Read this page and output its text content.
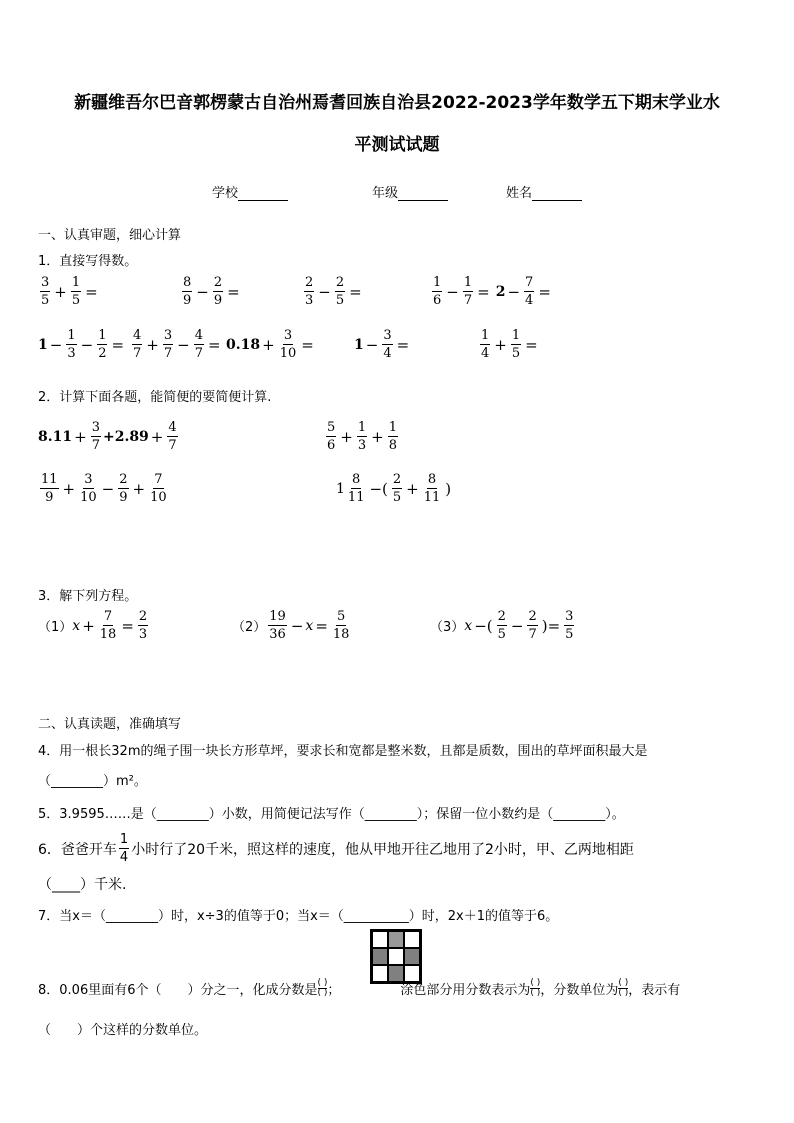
新疆维吾尔巴音郭楞蒙古自治州焉耆回族自治县2022-2023学年数学五下期末学业水
平测试试题
学校	年级	姓名
一、认真审题，细心计算
1．直接写得数。
$\frac{3}{5} + \frac{1}{5}$ =	$\frac{8}{9} - \frac{2}{9}$ =	$\frac{2}{3} - \frac{2}{5}$ =	$\frac{1}{6} - \frac{1}{7} = 2 - \frac{7}{4}$ =
$1 - \frac{1}{3} - \frac{1}{2} = \frac{4}{7} + \frac{3}{7} - \frac{4}{7} = 0.18 + \frac{3}{10}$ =	$1 - \frac{3}{4}$ =	$\frac{1}{4} + \frac{1}{5}$ =
2．计算下面各题，能简便的要简便计算.
$8.11 + \frac{3}{7} +2.89 + \frac{4}{7}$	$\frac{5}{6} + \frac{1}{3} + \frac{1}{8}$
$\frac{11}{9} + \frac{3}{10} - \frac{2}{9} + \frac{7}{10}$	$1 \frac{8}{11}$ −( $\frac{2}{5} + \frac{8}{11}$ )
3．解下列方程。
（1） $x + \frac{7}{18} = \frac{2}{3}$	$(2) \frac{19}{36} - x = \frac{5}{18}$	（3） x −( $\frac{2}{5} - \frac{2}{7}$ )= $\frac{3}{5}$
二、认真读题，准确填写
4．用一根长32m的绳子围一块长方形草坪，要求长和宽都是整米数，且都是质数，围出的草坪面积最大是
（________）m²。
5．3.9595……是（________）小数，用简便记法写作（________）；保留一位小数约是（________）。
6．爸爸开车 $\frac{1}{4}$ 小时行了20千米，照这样的速度，他从甲地开往乙地用了2小时，甲、乙两地相距
（____）千米.
7．当x＝（________）时，x÷3的值等于0；当x＝（__________）时，2x＋1的值等于6。
8．0.06里面有6个（　　）分之一，化成分数是 ( )
( ) ；	涂色部分用分数表示为 ( )
( ) ，分数单位为 ( )
( ) ，表示有
（　　）个这样的分数单位。
